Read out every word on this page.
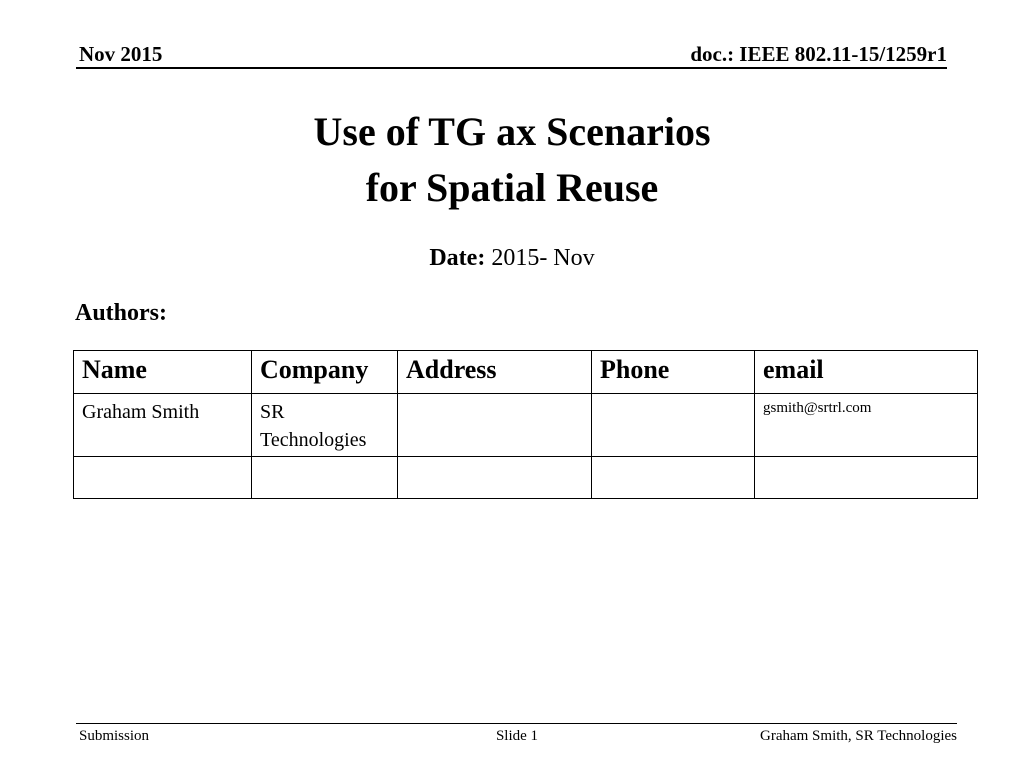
Nov 2015	doc.: IEEE 802.11-15/1259r1
Use of TG ax Scenarios
for Spatial Reuse
Date: 2015- Nov
Authors:
Name	Company	Address	Phone	email
Graham Smith	SR Technologies			gsmith@srtrl.com

Submission	Slide 1	Graham Smith, SR Technologies
